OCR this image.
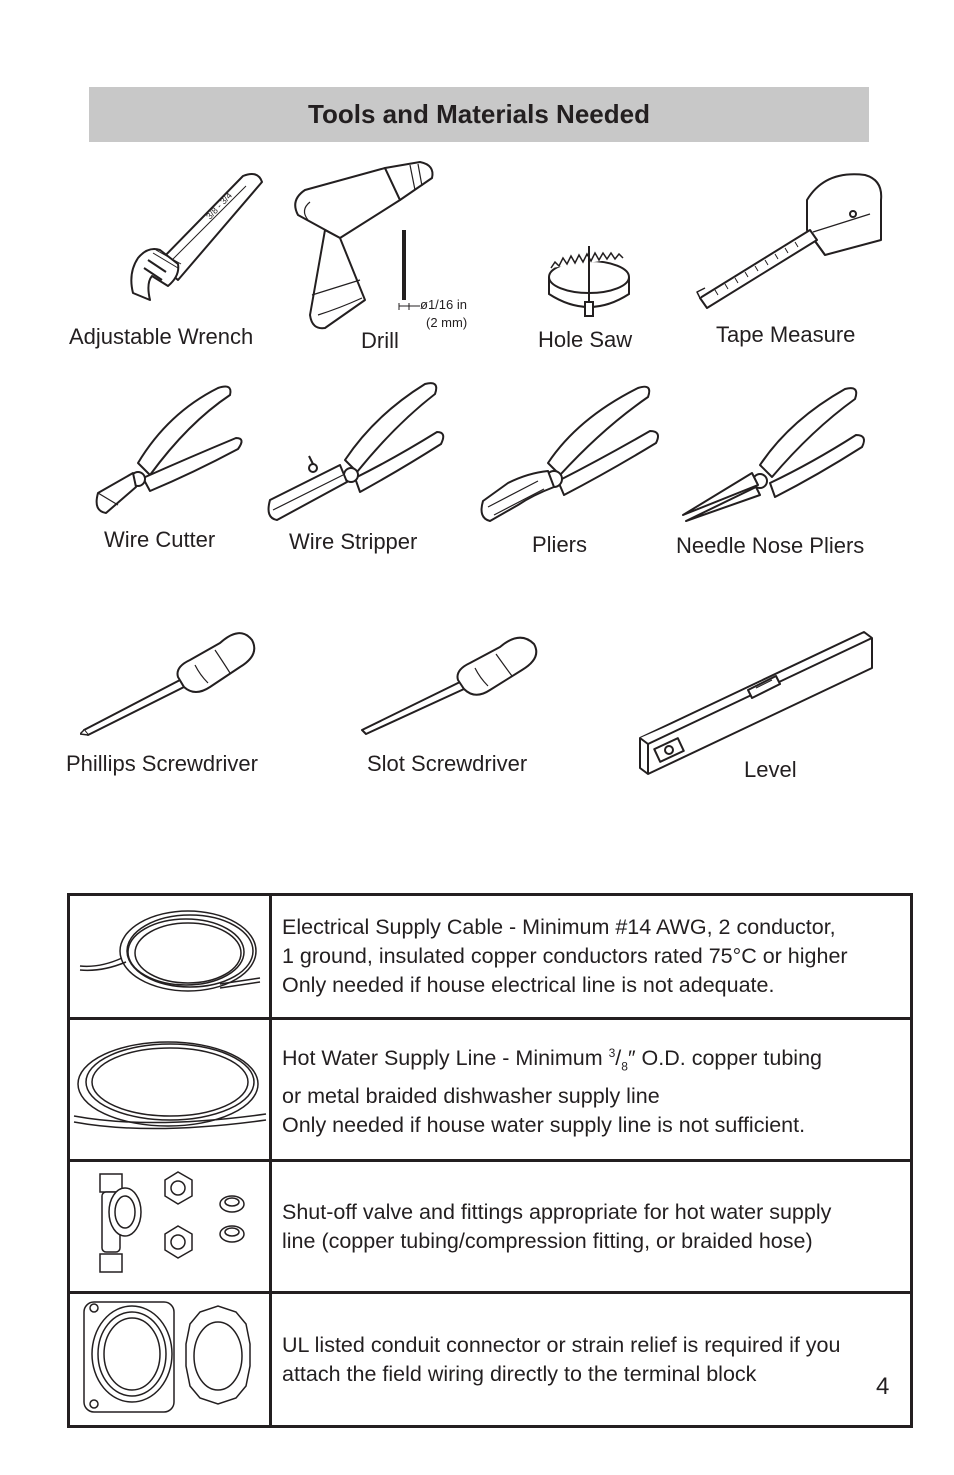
Tools and Materials Needed
3/8 - 3/4
Adjustable Wrench
ø1/16 in
(2 mm)
Drill	Hole Saw	Tape Measure
Wire Cutter	Wire Stripper	Pliers	Needle Nose Pliers
Phillips Screwdriver	Slot Screwdriver	Level

Electrical Supply Cable - Minimum #14 AWG, 2 conductor,
1 ground, insulated copper conductors rated 75°C or higher
Only needed if house electrical line is not adequate.

Hot Water Supply Line - Minimum $^3/_8''$ O.D. copper tubing
or metal braided dishwasher supply line
Only needed if house water supply line is not sufficient.

Shut-off valve and fittings appropriate for hot water supply
line (copper tubing/compression fitting, or braided hose)

UL listed conduit connector or strain relief is required if you
attach the field wiring directly to the terminal block	4
